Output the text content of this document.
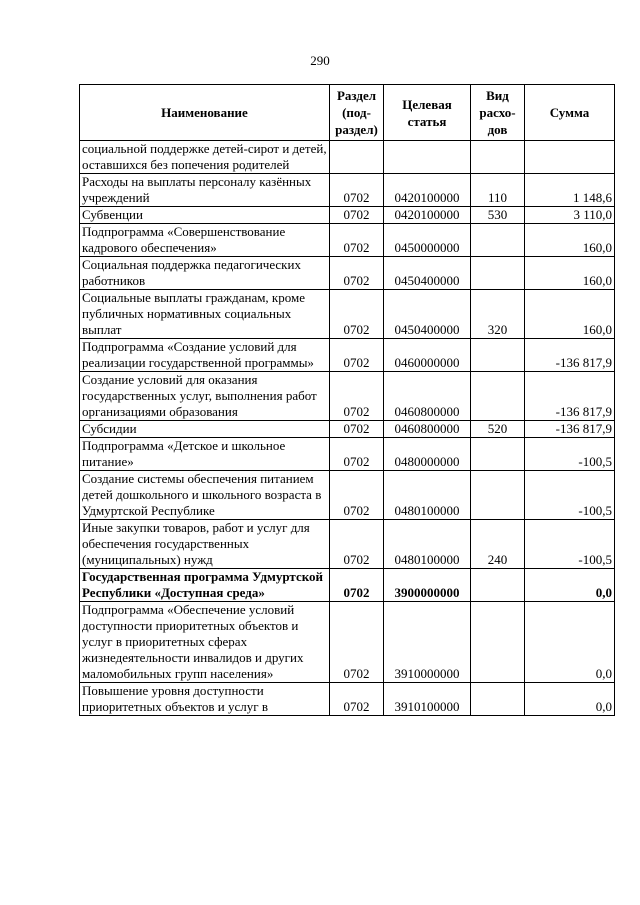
290
Наименование	Раздел (под-раздел)	Целевая статья	Вид расхо-дов	Сумма
социальной поддержке детей-сирот и детей, оставшихся без попечения родителей				
Расходы на выплаты персоналу казённых учреждений	0702	0420100000	110	1 148,6
Субвенции	0702	0420100000	530	3 110,0
Подпрограмма «Совершенствование кадрового обеспечения»	0702	0450000000		160,0
Социальная поддержка педагогических работников	0702	0450400000		160,0
Социальные выплаты гражданам, кроме публичных нормативных социальных выплат	0702	0450400000	320	160,0
Подпрограмма «Создание условий для реализации государственной программы»	0702	0460000000		-136 817,9
Создание условий для оказания государственных услуг, выполнения работ организациями образования	0702	0460800000		-136 817,9
Субсидии	0702	0460800000	520	-136 817,9
Подпрограмма «Детское и школьное питание»	0702	0480000000		-100,5
Создание системы обеспечения питанием детей дошкольного и школьного возраста в Удмуртской Республике	0702	0480100000		-100,5
Иные закупки товаров, работ и услуг для обеспечения государственных (муниципальных) нужд	0702	0480100000	240	-100,5
Государственная программа Удмуртской Республики «Доступная среда»	0702	3900000000		0,0
Подпрограмма «Обеспечение условий доступности приоритетных объектов и услуг в приоритетных сферах жизнедеятельности инвалидов и других маломобильных групп населения»	0702	3910000000		0,0
Повышение уровня доступности приоритетных объектов и услуг в	0702	3910100000		0,0
